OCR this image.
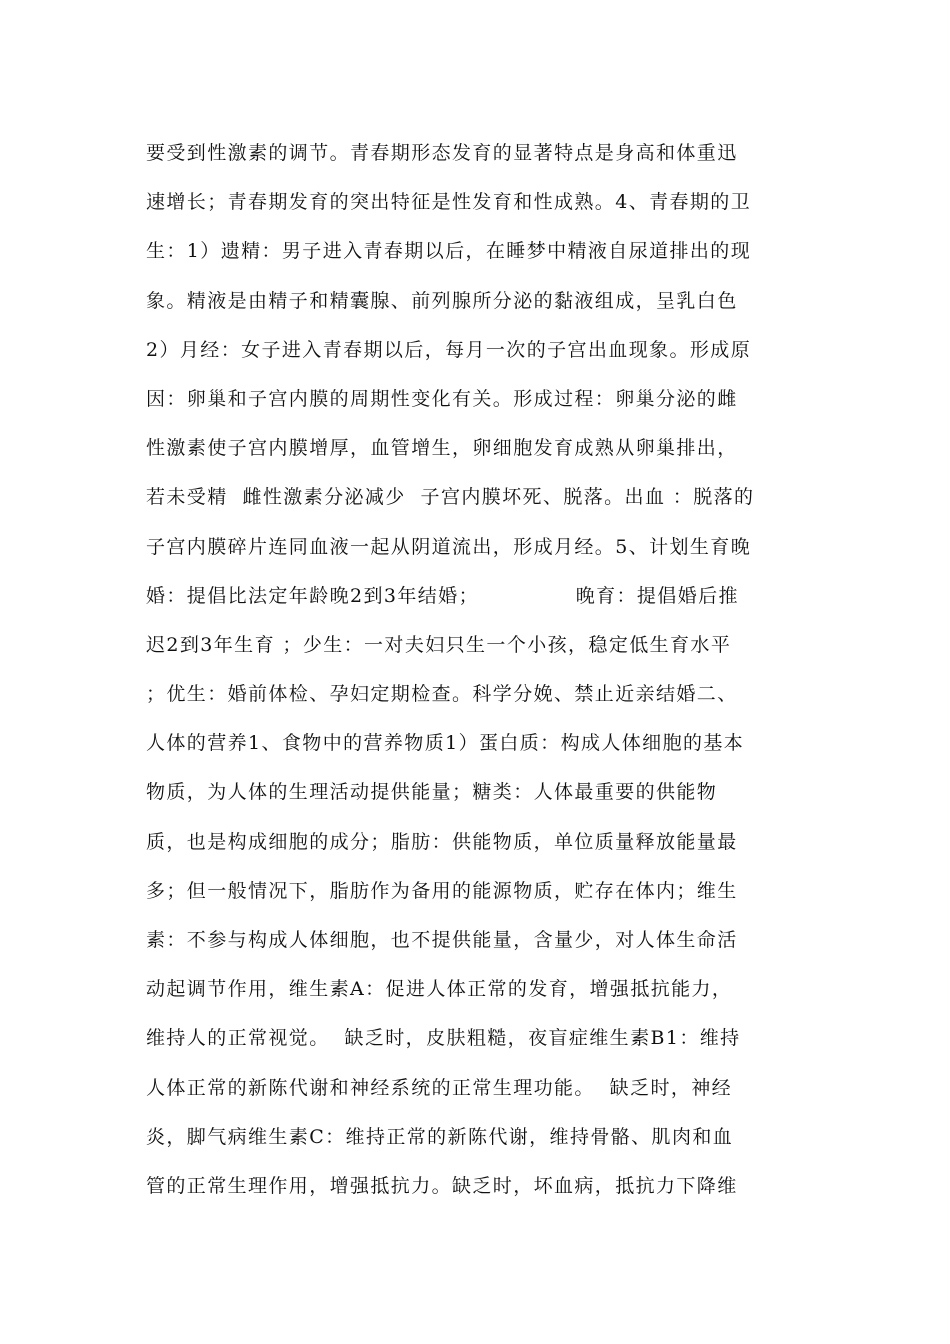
要受到性激素的调节。青春期形态发育的显著特点是身高和体重迅
速增长；青春期发育的突出特征是性发育和性成熟。4、青春期的卫
生：1）遗精：男子进入青春期以后，在睡梦中精液自尿道排出的现
象。精液是由精子和精囊腺、前列腺所分泌的黏液组成，呈乳白色
2）月经：女子进入青春期以后，每月一次的子宫出血现象。形成原
因：卵巢和子宫内膜的周期性变化有关。形成过程：卵巢分泌的雌
性激素使子宫内膜增厚，血管增生，卵细胞发育成熟从卵巢排出，
若未受精  雌性激素分泌减少  子宫内膜坏死、脱落。出血 ：脱落的
子宫内膜碎片连同血液一起从阴道流出，形成月经。5、计划生育晚
婚：提倡比法定年龄晚2到3年结婚；             晚育：提倡婚后推
迟2到3年生育 ；少生：一对夫妇只生一个小孩，稳定低生育水平
；优生：婚前体检、孕妇定期检查。科学分娩、禁止近亲结婚二、
人体的营养1、食物中的营养物质1）蛋白质：构成人体细胞的基本
物质，为人体的生理活动提供能量；糖类：人体最重要的供能物
质，也是构成细胞的成分；脂肪：供能物质，单位质量释放能量最
多；但一般情况下，脂肪作为备用的能源物质，贮存在体内；维生
素：不参与构成人体细胞，也不提供能量，含量少，对人体生命活
动起调节作用，维生素A：促进人体正常的发育，增强抵抗能力，
维持人的正常视觉。  缺乏时，皮肤粗糙，夜盲症维生素B1：维持
人体正常的新陈代谢和神经系统的正常生理功能。  缺乏时，神经
炎，脚气病维生素C：维持正常的新陈代谢，维持骨骼、肌肉和血
管的正常生理作用，增强抵抗力。缺乏时，坏血病，抵抗力下降维
